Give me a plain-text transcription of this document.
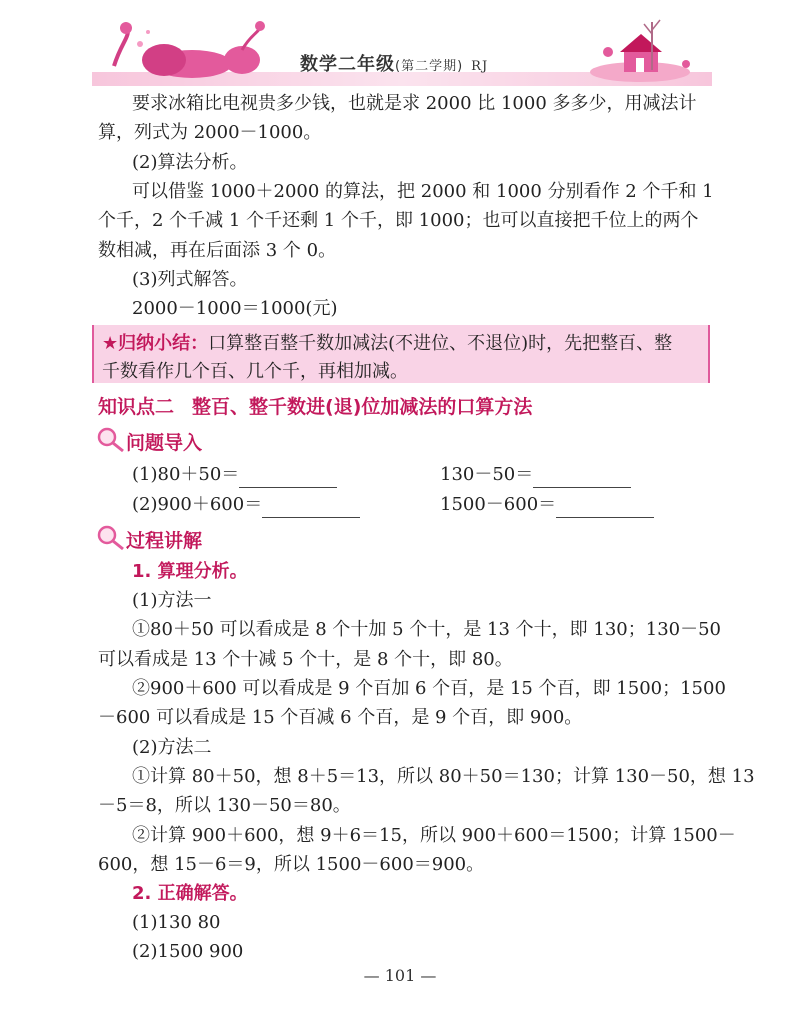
数学二年级(第二学期) RJ
要求冰箱比电视贵多少钱，也就是求 2000 比 1000 多多少，用减法计
算，列式为 2000－1000。
(2)算法分析。
可以借鉴 1000＋2000 的算法，把 2000 和 1000 分别看作 2 个千和 1
个千，2 个千减 1 个千还剩 1 个千，即 1000；也可以直接把千位上的两个
数相减，再在后面添 3 个 0。
(3)列式解答。
2000－1000＝1000(元)
★归纳小结：口算整百整千数加减法(不进位、不退位)时，先把整百、整
千数看作几个百、几个千，再相加减。
知识点二 整百、整千数进(退)位加减法的口算方法
问题导入
(1)80＋50＝	130－50＝
(2)900＋600＝	1500－600＝
过程讲解
1. 算理分析。
(1)方法一
①80＋50 可以看成是 8 个十加 5 个十，是 13 个十，即 130；130－50
可以看成是 13 个十减 5 个十，是 8 个十，即 80。
②900＋600 可以看成是 9 个百加 6 个百，是 15 个百，即 1500；1500
－600 可以看成是 15 个百减 6 个百，是 9 个百，即 900。
(2)方法二
①计算 80＋50，想 8＋5＝13，所以 80＋50＝130；计算 130－50，想 13
－5＝8，所以 130－50＝80。
②计算 900＋600，想 9＋6＝15，所以 900＋600＝1500；计算 1500－
600，想 15－6＝9，所以 1500－600＝900。
2. 正确解答。
(1)130 80
(2)1500 900
— 101 —
